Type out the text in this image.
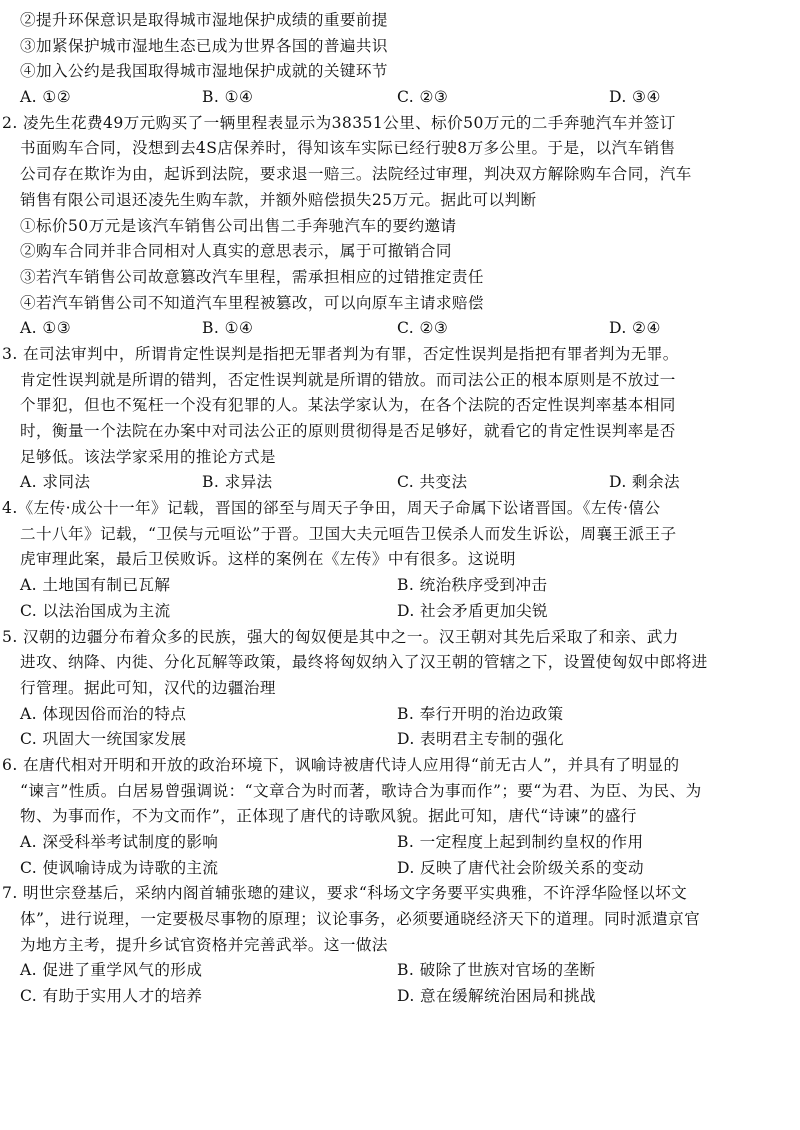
②提升环保意识是取得城市湿地保护成绩的重要前提
③加紧保护城市湿地生态已成为世界各国的普遍共识
④加入公约是我国取得城市湿地保护成就的关键环节
A. ①②	B. ①④	C. ②③	D. ③④
2. 凌先生花费49万元购买了一辆里程表显示为38351公里、标价50万元的二手奔驰汽车并签订
书面购车合同，没想到去4S店保养时，得知该车实际已经行驶8万多公里。于是，以汽车销售
公司存在欺诈为由，起诉到法院，要求退一赔三。法院经过审理，判决双方解除购车合同，汽车
销售有限公司退还凌先生购车款，并额外赔偿损失25万元。据此可以判断
①标价50万元是该汽车销售公司出售二手奔驰汽车的要约邀请
②购车合同并非合同相对人真实的意思表示，属于可撤销合同
③若汽车销售公司故意篡改汽车里程，需承担相应的过错推定责任
④若汽车销售公司不知道汽车里程被篡改，可以向原车主请求赔偿
A. ①③	B. ①④	C. ②③	D. ②④
3. 在司法审判中，所谓肯定性误判是指把无罪者判为有罪，否定性误判是指把有罪者判为无罪。
肯定性误判就是所谓的错判，否定性误判就是所谓的错放。而司法公正的根本原则是不放过一
个罪犯，但也不冤枉一个没有犯罪的人。某法学家认为，在各个法院的否定性误判率基本相同
时，衡量一个法院在办案中对司法公正的原则贯彻得是否足够好，就看它的肯定性误判率是否
足够低。该法学家采用的推论方式是
A. 求同法	B. 求异法	C. 共变法	D. 剩余法
4.《左传·成公十一年》记载，晋国的郤至与周天子争田，周天子命属下讼诸晋国。《左传·僖公
二十八年》记载，“卫侯与元咺讼”于晋。卫国大夫元咺告卫侯杀人而发生诉讼，周襄王派王子
虎审理此案，最后卫侯败诉。这样的案例在《左传》中有很多。这说明
A. 土地国有制已瓦解	B. 统治秩序受到冲击
C. 以法治国成为主流	D. 社会矛盾更加尖锐
5. 汉朝的边疆分布着众多的民族，强大的匈奴便是其中之一。汉王朝对其先后采取了和亲、武力
进攻、纳降、内徙、分化瓦解等政策，最终将匈奴纳入了汉王朝的管辖之下，设置使匈奴中郎将进
行管理。据此可知，汉代的边疆治理
A. 体现因俗而治的特点	B. 奉行开明的治边政策
C. 巩固大一统国家发展	D. 表明君主专制的强化
6. 在唐代相对开明和开放的政治环境下，讽喻诗被唐代诗人应用得“前无古人”，并具有了明显的
“谏言”性质。白居易曾强调说：“文章合为时而著，歌诗合为事而作”；要“为君、为臣、为民、为
物、为事而作，不为文而作”，正体现了唐代的诗歌风貌。据此可知，唐代“诗谏”的盛行
A. 深受科举考试制度的影响	B. 一定程度上起到制约皇权的作用
C. 使讽喻诗成为诗歌的主流	D. 反映了唐代社会阶级关系的变动
7. 明世宗登基后，采纳内阁首辅张璁的建议，要求“科场文字务要平实典雅，不许浮华险怪以坏文
体”，进行说理，一定要极尽事物的原理；议论事务，必须要通晓经济天下的道理。同时派遣京官
为地方主考，提升乡试官资格并完善武举。这一做法
A. 促进了重学风气的形成	B. 破除了世族对官场的垄断
C. 有助于实用人才的培养	D. 意在缓解统治困局和挑战
